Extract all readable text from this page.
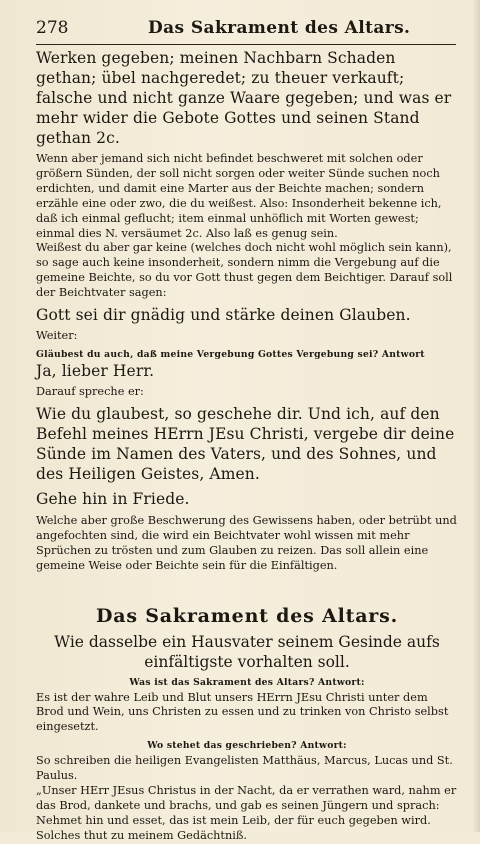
278	Das Sakrament des Altars.

Werken gegeben; meinen Nachbarn Schaden gethan; übel nachgeredet; zu theuer verkauft; falsche und nicht ganze Waare gegeben; und was er mehr wider die Gebote Gottes und seinen Stand gethan 2c.

Wenn aber jemand sich nicht befindet beschweret mit solchen oder größern Sünden, der soll nicht sorgen oder weiter Sünde suchen noch erdichten, und damit eine Marter aus der Beichte machen; sondern erzähle eine oder zwo, die du weißest. Also: Insonderheit bekenne ich, daß ich einmal geflucht; item einmal unhöflich mit Worten gewest; einmal dies N. versäumet 2c. Also laß es genug sein.

Weißest du aber gar keine (welches doch nicht wohl möglich sein kann), so sage auch keine insonderheit, sondern nimm die Vergebung auf die gemeine Beichte, so du vor Gott thust gegen dem Beichtiger. Darauf soll der Beichtvater sagen:

Gott sei dir gnädig und stärke deinen Glauben.

Weiter:

Gläubest du auch, daß meine Vergebung Gottes Vergebung sei? Antwort

Ja, lieber Herr.

Darauf spreche er:

Wie du glaubest, so geschehe dir. Und ich, auf den Befehl meines HErrn JEsu Christi, vergebe dir deine Sünde im Namen des Vaters, und des Sohnes, und des Heiligen Geistes, Amen.

Gehe hin in Friede.

Welche aber große Beschwerung des Gewissens haben, oder betrübt und angefochten sind, die wird ein Beichtvater wohl wissen mit mehr Sprüchen zu trösten und zum Glauben zu reizen. Das soll allein eine gemeine Weise oder Beichte sein für die Einfältigen.

Das Sakrament des Altars.

Wie dasselbe ein Hausvater seinem Gesinde aufs einfältigste vorhalten soll.

Was ist das Sakrament des Altars? Antwort:

Es ist der wahre Leib und Blut unsers HErrn JEsu Christi unter dem Brod und Wein, uns Christen zu essen und zu trinken von Christo selbst eingesetzt.

Wo stehet das geschrieben? Antwort:

So schreiben die heiligen Evangelisten Matthäus, Marcus, Lucas und St. Paulus.

„Unser HErr JEsus Christus in der Nacht, da er verrathen ward, nahm er das Brod, dankete und brachs, und gab es seinen Jüngern und sprach: Nehmet hin und esset, das ist mein Leib, der für euch gegeben wird. Solches thut zu meinem Gedächtniß.
